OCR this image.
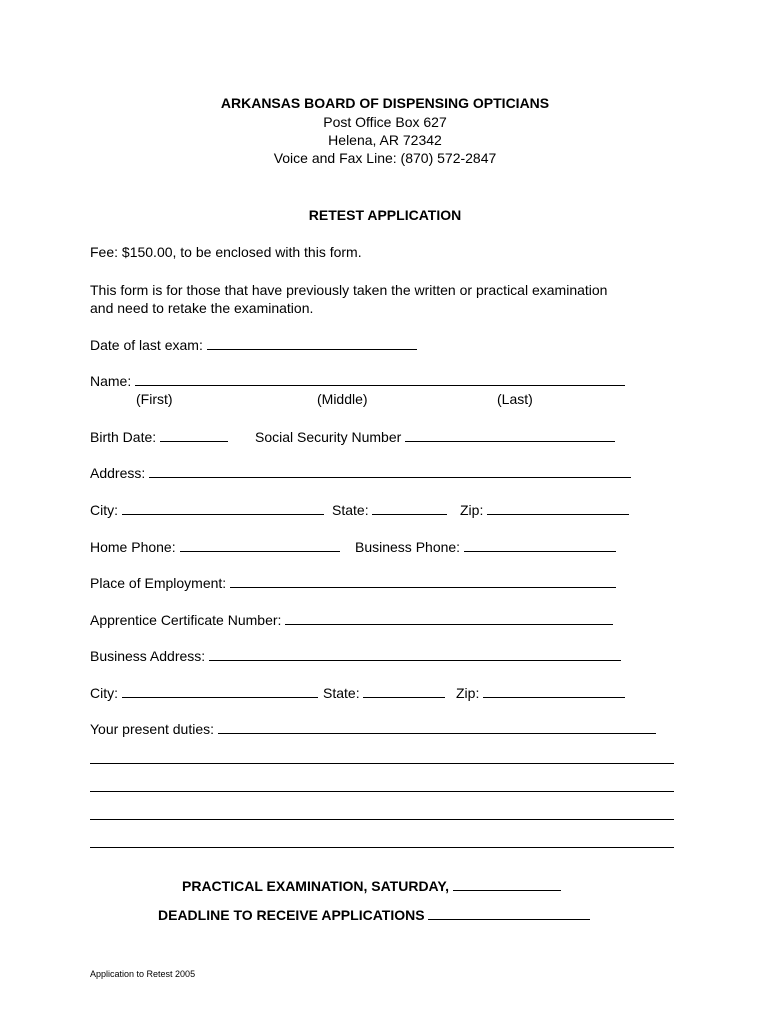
ARKANSAS BOARD OF DISPENSING OPTICIANS
Post Office Box 627
Helena, AR 72342
Voice and Fax Line: (870) 572-2847
RETEST APPLICATION
Fee: $150.00, to be enclosed with this form.
This form is for those that have previously taken the written or practical examination
and need to retake the examination.
Date of last exam:
Name:
(First)	(Middle)	(Last)
Birth Date:	Social Security Number
Address:
City:	State:	Zip:
Home Phone:	Business Phone:
Place of Employment:
Apprentice Certificate Number:
Business Address:
City:	State:	Zip:
Your present duties:
PRACTICAL EXAMINATION, SATURDAY,
DEADLINE TO RECEIVE APPLICATIONS
Application to Retest 2005
